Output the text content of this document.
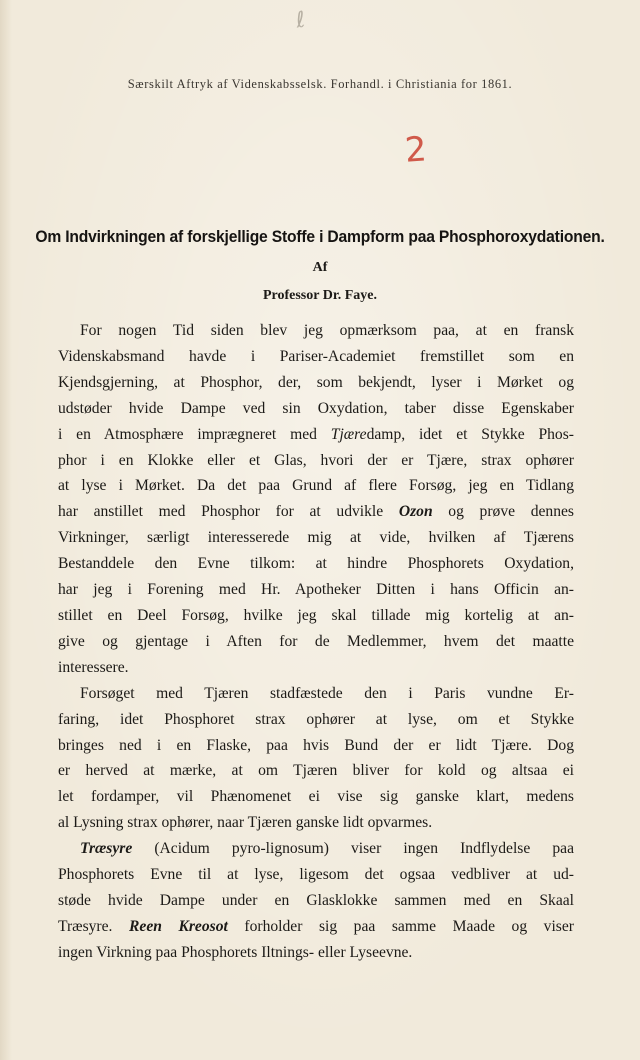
ℓ
Særskilt Aftryk af Videnskabsselsk. Forhandl. i Christiania for 1861.
2
Om Indvirkningen af forskjellige Stoffe i Dampform paa Phosphoroxydationen.
Af
Professor Dr. Faye.
For nogen Tid siden blev jeg opmærksom paa, at en fransk
Videnskabsmand havde i Pariser-Academiet fremstillet som en
Kjendsgjerning, at Phosphor, der, som bekjendt, lyser i Mørket og
udstøder hvide Dampe ved sin Oxydation, taber disse Egenskaber
i en Atmosphære imprægneret med Tjæredamp, idet et Stykke Phos-
phor i en Klokke eller et Glas, hvori der er Tjære, strax ophører
at lyse i Mørket. Da det paa Grund af flere Forsøg, jeg en Tidlang
har anstillet med Phosphor for at udvikle Ozon og prøve dennes
Virkninger, særligt interesserede mig at vide, hvilken af Tjærens
Bestanddele den Evne tilkom: at hindre Phosphorets Oxydation,
har jeg i Forening med Hr. Apotheker Ditten i hans Officin an-
stillet en Deel Forsøg, hvilke jeg skal tillade mig kortelig at an-
give og gjentage i Aften for de Medlemmer, hvem det maatte
interessere.
Forsøget med Tjæren stadfæstede den i Paris vundne Er-
faring, idet Phosphoret strax ophører at lyse, om et Stykke
bringes ned i en Flaske, paa hvis Bund der er lidt Tjære. Dog
er herved at mærke, at om Tjæren bliver for kold og altsaa ei
let fordamper, vil Phænomenet ei vise sig ganske klart, medens
al Lysning strax ophører, naar Tjæren ganske lidt opvarmes.
Træsyre (Acidum pyro-lignosum) viser ingen Indflydelse paa
Phosphorets Evne til at lyse, ligesom det ogsaa vedbliver at ud-
støde hvide Dampe under en Glasklokke sammen med en Skaal
Træsyre. Reen Kreosot forholder sig paa samme Maade og viser
ingen Virkning paa Phosphorets Iltnings- eller Lyseevne.
